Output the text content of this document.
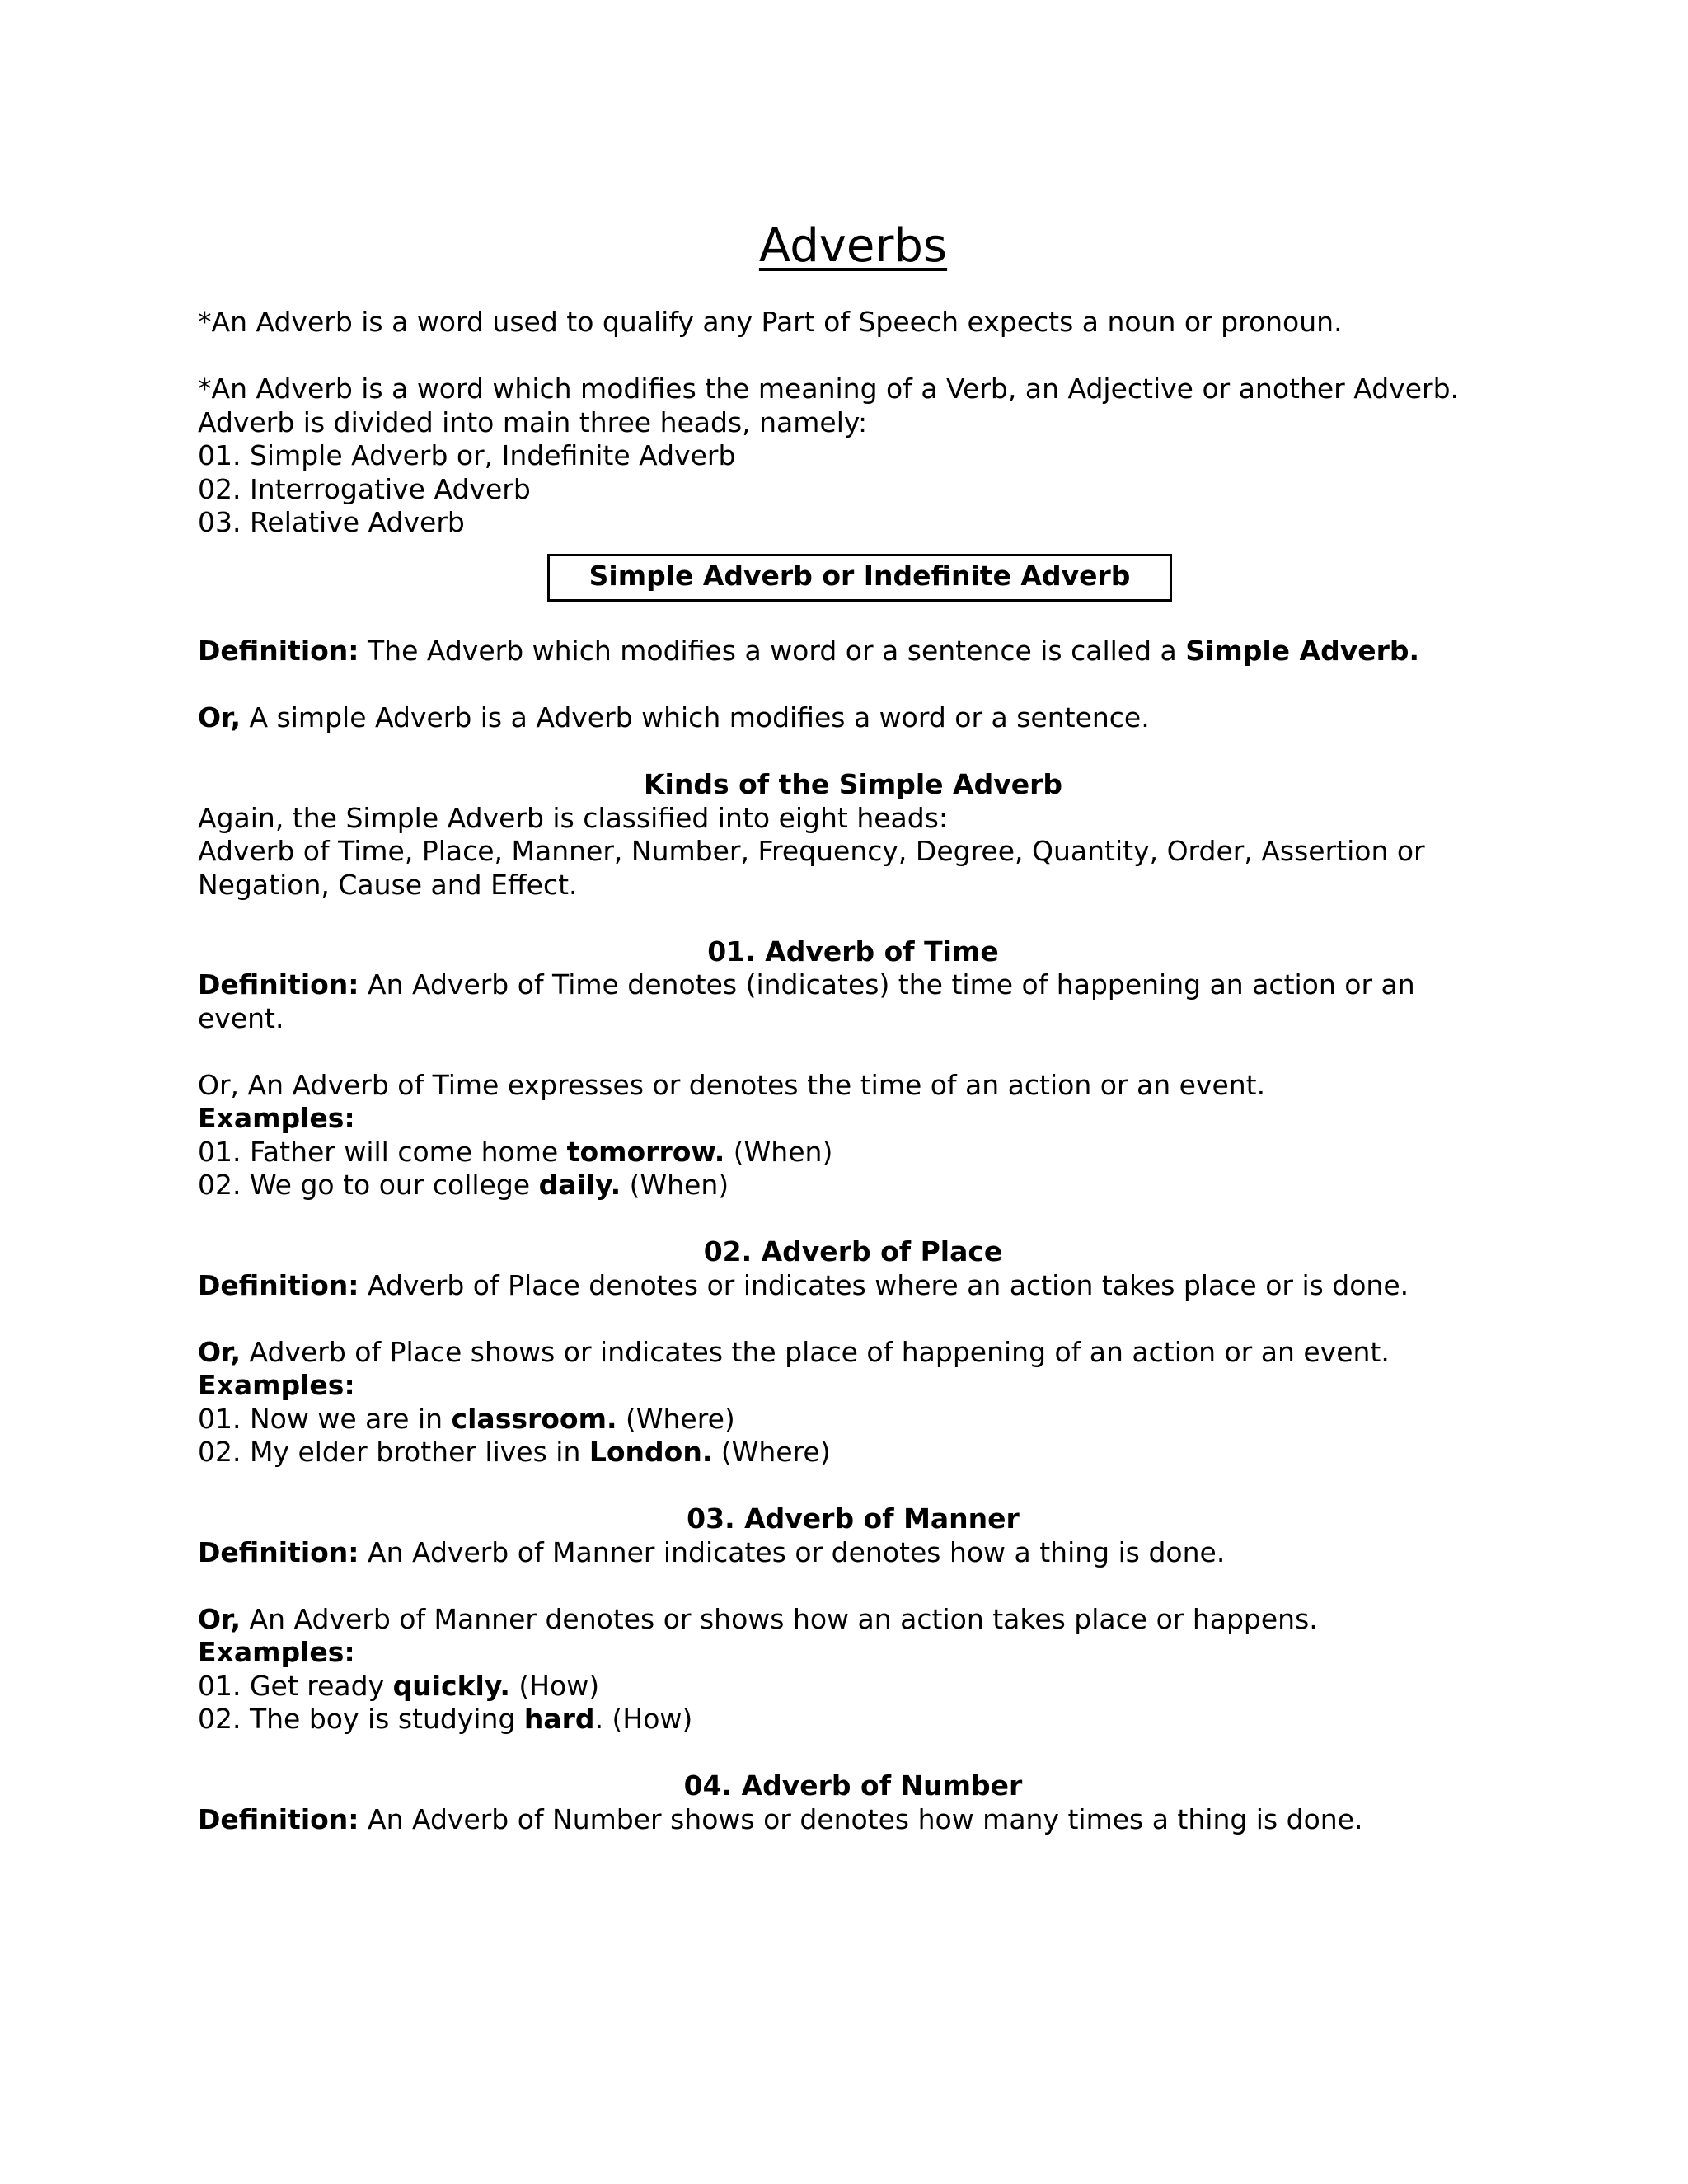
Adverbs

*An Adverb is a word used to qualify any Part of Speech expects a noun or pronoun.

*An Adverb is a word which modifies the meaning of a Verb, an Adjective or another Adverb.

Adverb is divided into main three heads, namely:

01. Simple Adverb or, Indefinite Adverb

02. Interrogative Adverb

03. Relative Adverb

Simple Adverb or Indefinite Adverb

Definition: The Adverb which modifies a word or a sentence is called a Simple Adverb.

Or, A simple Adverb is a Adverb which modifies a word or a sentence.

Kinds of the Simple Adverb

Again, the Simple Adverb is classified into eight heads:

Adverb of Time, Place, Manner, Number, Frequency, Degree, Quantity, Order, Assertion or Negation, Cause and Effect.

01. Adverb of Time

Definition: An Adverb of Time denotes (indicates) the time of happening an action or an event.

Or, An Adverb of Time expresses or denotes the time of an action or an event.

Examples:

01. Father will come home tomorrow. (When)

02. We go to our college daily. (When)

02. Adverb of Place

Definition: Adverb of Place denotes or indicates where an action takes place or is done.

Or, Adverb of Place shows or indicates the place of happening of an action or an event.

Examples:

01. Now we are in classroom. (Where)

02. My elder brother lives in London. (Where)

03. Adverb of Manner

Definition: An Adverb of Manner indicates or denotes how a thing is done.

Or, An Adverb of Manner denotes or shows how an action takes place or happens.

Examples:

01. Get ready quickly. (How)

02. The boy is studying hard. (How)

04. Adverb of Number

Definition: An Adverb of Number shows or denotes how many times a thing is done.
